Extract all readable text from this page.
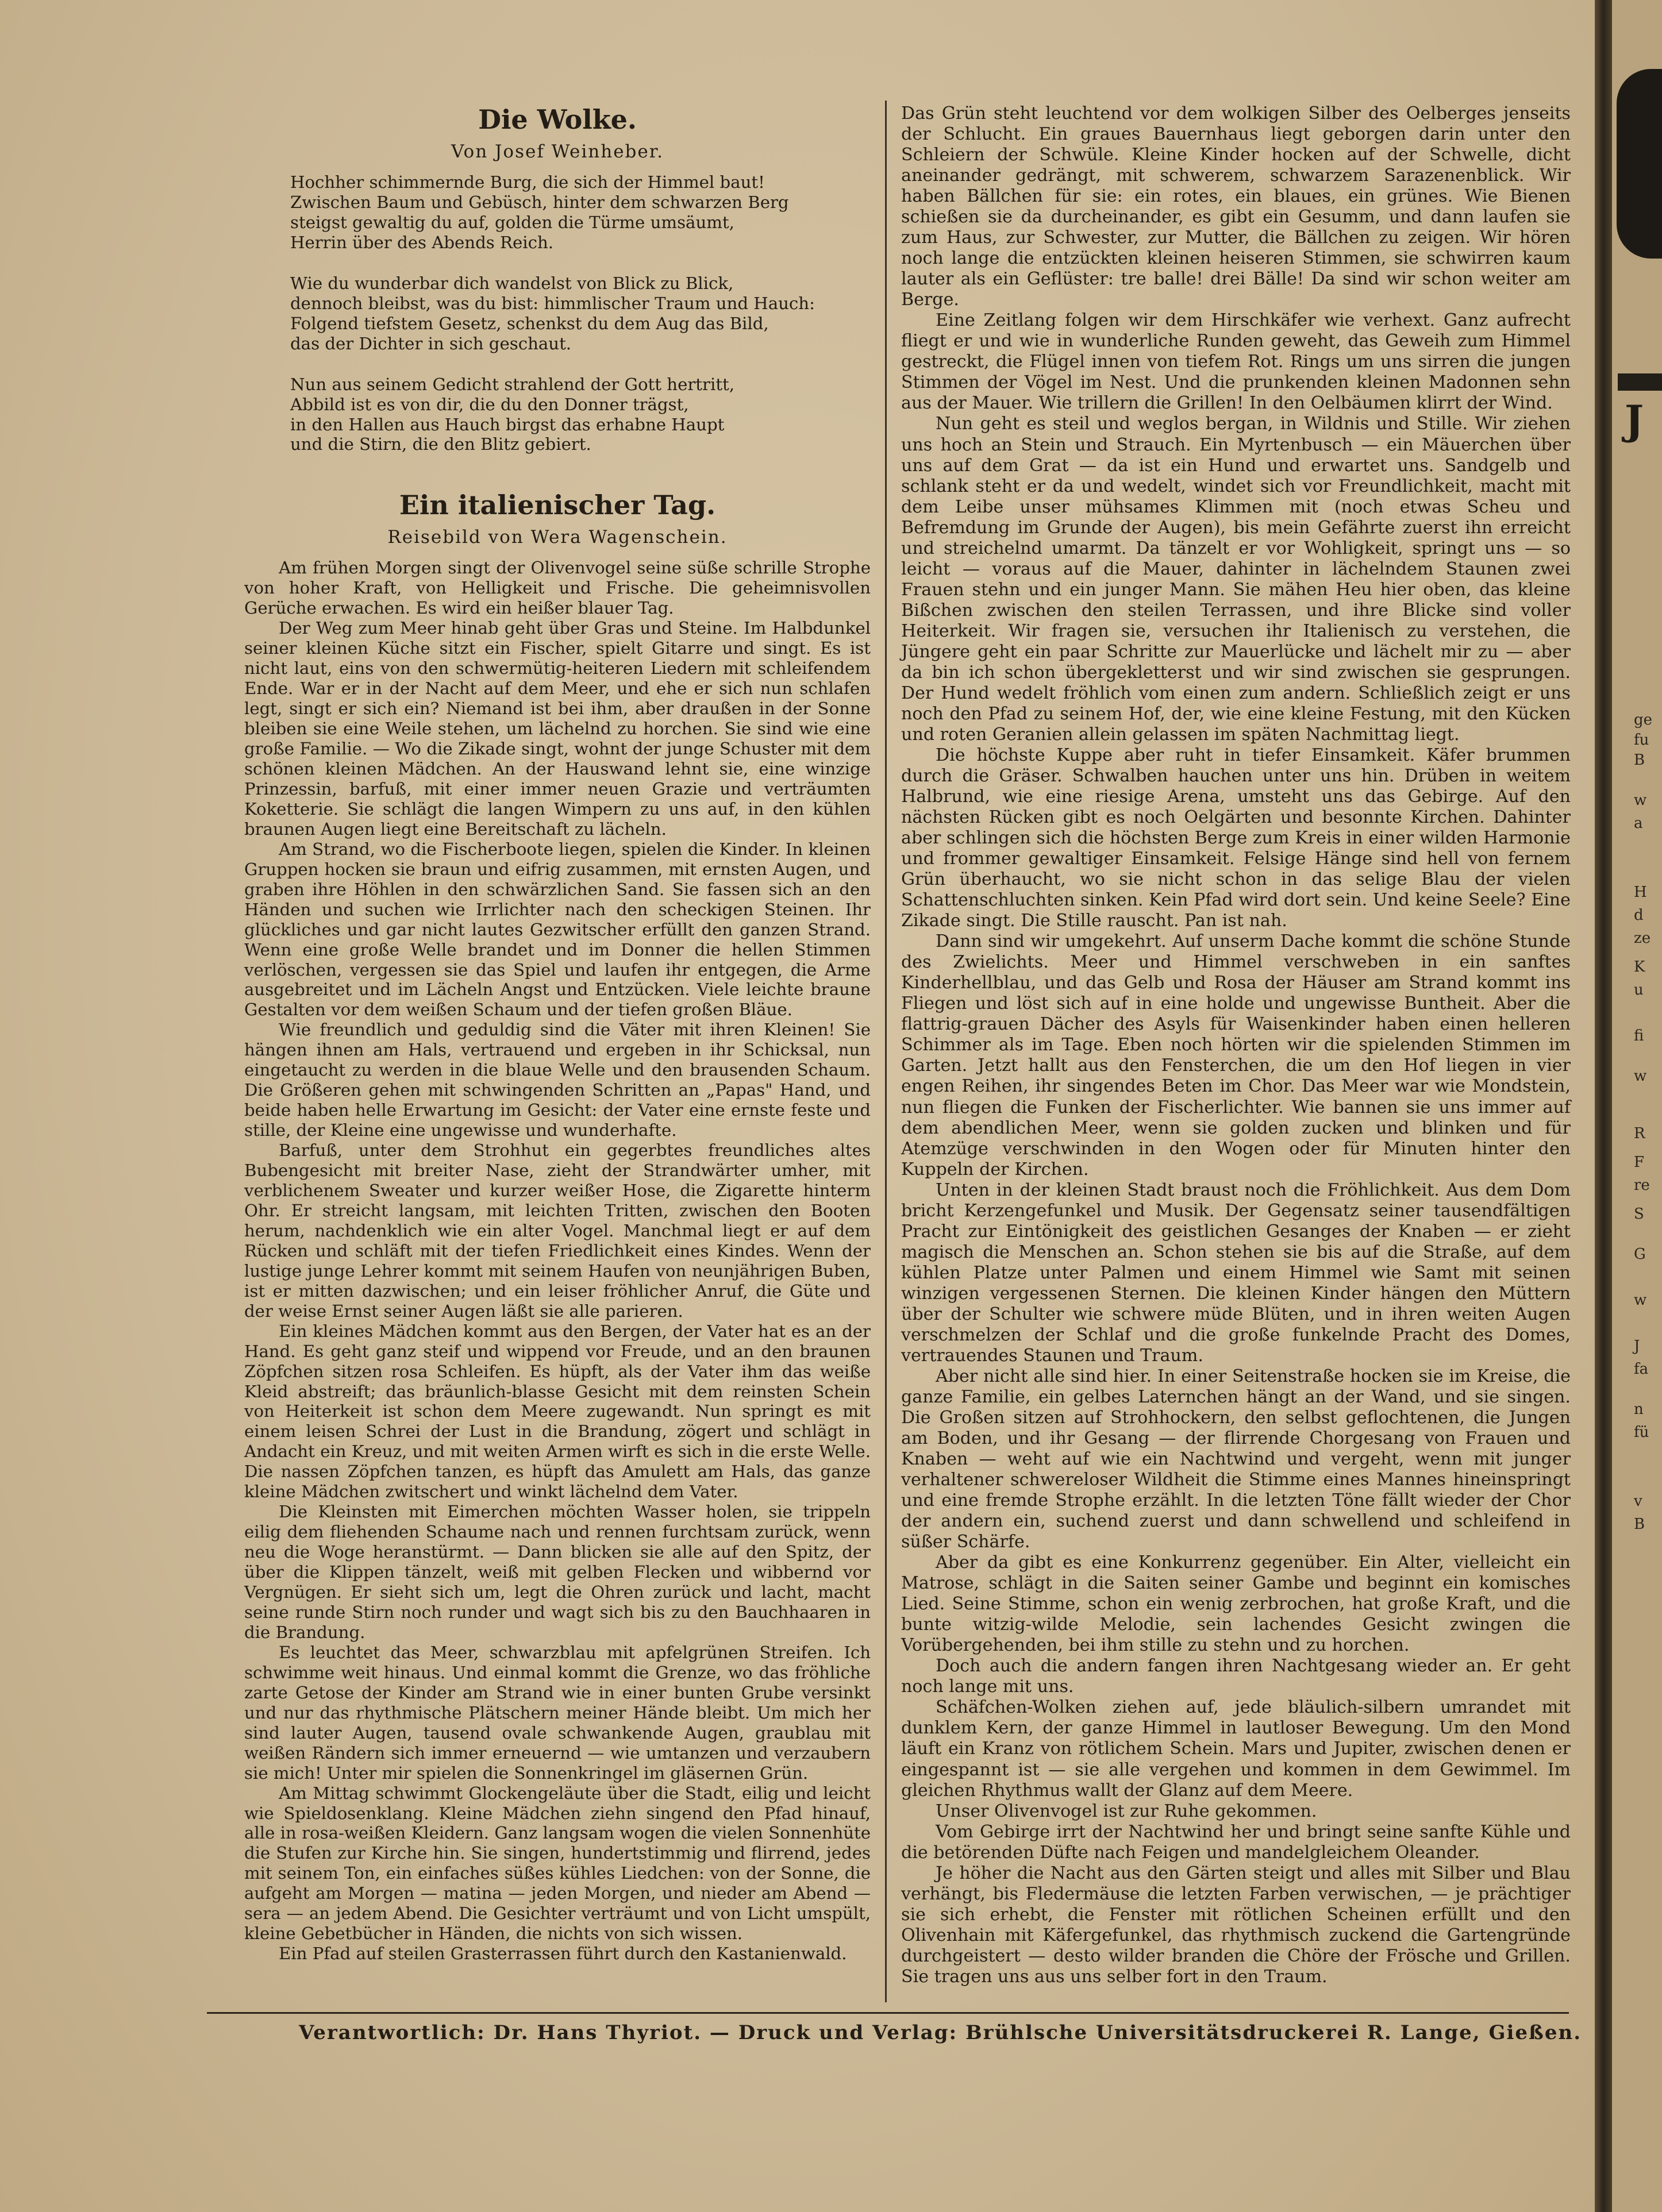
Die Wolke.
Von Josef Weinheber.
Hochher schimmernde Burg, die sich der Himmel baut!
Zwischen Baum und Gebüsch, hinter dem schwarzen Berg
steigst gewaltig du auf, golden die Türme umsäumt,
Herrin über des Abends Reich.
Wie du wunderbar dich wandelst von Blick zu Blick,
dennoch bleibst, was du bist: himmlischer Traum und Hauch:
Folgend tiefstem Gesetz, schenkst du dem Aug das Bild,
das der Dichter in sich geschaut.
Nun aus seinem Gedicht strahlend der Gott hertritt,
Abbild ist es von dir, die du den Donner trägst,
in den Hallen aus Hauch birgst das erhabne Haupt
und die Stirn, die den Blitz gebiert.
Ein italienischer Tag.
Reisebild von Wera Wagenschein.

Am frühen Morgen singt der Olivenvogel seine süße schrille Strophe von hoher Kraft, von Helligkeit und Frische. Die geheimnisvollen Gerüche erwachen. Es wird ein heißer blauer Tag.

Der Weg zum Meer hinab geht über Gras und Steine. Im Halbdunkel seiner kleinen Küche sitzt ein Fischer, spielt Gitarre und singt. Es ist nicht laut, eins von den schwermütig-heiteren Liedern mit schleifendem Ende. War er in der Nacht auf dem Meer, und ehe er sich nun schlafen legt, singt er sich ein? Niemand ist bei ihm, aber draußen in der Sonne bleiben sie eine Weile stehen, um lächelnd zu horchen. Sie sind wie eine große Familie. — Wo die Zikade singt, wohnt der junge Schuster mit dem schönen kleinen Mädchen. An der Hauswand lehnt sie, eine winzige Prinzessin, barfuß, mit einer immer neuen Grazie und verträumten Koketterie. Sie schlägt die langen Wimpern zu uns auf, in den kühlen braunen Augen liegt eine Bereitschaft zu lächeln.

Am Strand, wo die Fischerboote liegen, spielen die Kinder. In kleinen Gruppen hocken sie braun und eifrig zusammen, mit ernsten Augen, und graben ihre Höhlen in den schwärzlichen Sand. Sie fassen sich an den Händen und suchen wie Irrlichter nach den scheckigen Steinen. Ihr glückliches und gar nicht lautes Gezwitscher erfüllt den ganzen Strand. Wenn eine große Welle brandet und im Donner die hellen Stimmen verlöschen, vergessen sie das Spiel und laufen ihr entgegen, die Arme ausgebreitet und im Lächeln Angst und Entzücken. Viele leichte braune Gestalten vor dem weißen Schaum und der tiefen großen Bläue.

Wie freundlich und geduldig sind die Väter mit ihren Kleinen! Sie hängen ihnen am Hals, vertrauend und ergeben in ihr Schicksal, nun eingetaucht zu werden in die blaue Welle und den brausenden Schaum. Die Größeren gehen mit schwingenden Schritten an „Papas" Hand, und beide haben helle Erwartung im Gesicht: der Vater eine ernste feste und stille, der Kleine eine ungewisse und wunderhafte.

Barfuß, unter dem Strohhut ein gegerbtes freundliches altes Bubengesicht mit breiter Nase, zieht der Strandwärter umher, mit verblichenem Sweater und kurzer weißer Hose, die Zigarette hinterm Ohr. Er streicht langsam, mit leichten Tritten, zwischen den Booten herum, nachdenklich wie ein alter Vogel. Manchmal liegt er auf dem Rücken und schläft mit der tiefen Friedlichkeit eines Kindes. Wenn der lustige junge Lehrer kommt mit seinem Haufen von neunjährigen Buben, ist er mitten dazwischen; und ein leiser fröhlicher Anruf, die Güte und der weise Ernst seiner Augen läßt sie alle parieren.

Ein kleines Mädchen kommt aus den Bergen, der Vater hat es an der Hand. Es geht ganz steif und wippend vor Freude, und an den braunen Zöpfchen sitzen rosa Schleifen. Es hüpft, als der Vater ihm das weiße Kleid abstreift; das bräunlich-blasse Gesicht mit dem reinsten Schein von Heiterkeit ist schon dem Meere zugewandt. Nun springt es mit einem leisen Schrei der Lust in die Brandung, zögert und schlägt in Andacht ein Kreuz, und mit weiten Armen wirft es sich in die erste Welle. Die nassen Zöpfchen tanzen, es hüpft das Amulett am Hals, das ganze kleine Mädchen zwitschert und winkt lächelnd dem Vater.

Die Kleinsten mit Eimerchen möchten Wasser holen, sie trippeln eilig dem fliehenden Schaume nach und rennen furchtsam zurück, wenn neu die Woge heranstürmt. — Dann blicken sie alle auf den Spitz, der über die Klippen tänzelt, weiß mit gelben Flecken und wibbernd vor Vergnügen. Er sieht sich um, legt die Ohren zurück und lacht, macht seine runde Stirn noch runder und wagt sich bis zu den Bauchhaaren in die Brandung.

Es leuchtet das Meer, schwarzblau mit apfelgrünen Streifen. Ich schwimme weit hinaus. Und einmal kommt die Grenze, wo das fröhliche zarte Getose der Kinder am Strand wie in einer bunten Grube versinkt und nur das rhythmische Plätschern meiner Hände bleibt. Um mich her sind lauter Augen, tausend ovale schwankende Augen, graublau mit weißen Rändern sich immer erneuernd — wie umtanzen und verzaubern sie mich! Unter mir spielen die Sonnenkringel im gläsernen Grün.

Am Mittag schwimmt Glockengeläute über die Stadt, eilig und leicht wie Spieldosenklang. Kleine Mädchen ziehn singend den Pfad hinauf, alle in rosa-weißen Kleidern. Ganz langsam wogen die vielen Sonnenhüte die Stufen zur Kirche hin. Sie singen, hundertstimmig und flirrend, jedes mit seinem Ton, ein einfaches süßes kühles Liedchen: von der Sonne, die aufgeht am Morgen — matina — jeden Morgen, und nieder am Abend — sera — an jedem Abend. Die Gesichter verträumt und von Licht umspült, kleine Gebetbücher in Händen, die nichts von sich wissen.

Ein Pfad auf steilen Grasterrassen führt durch den Kastanienwald.

Das Grün steht leuchtend vor dem wolkigen Silber des Oelberges jenseits der Schlucht. Ein graues Bauernhaus liegt geborgen darin unter den Schleiern der Schwüle. Kleine Kinder hocken auf der Schwelle, dicht aneinander gedrängt, mit schwerem, schwarzem Sarazenenblick. Wir haben Bällchen für sie: ein rotes, ein blaues, ein grünes. Wie Bienen schießen sie da durcheinander, es gibt ein Gesumm, und dann laufen sie zum Haus, zur Schwester, zur Mutter, die Bällchen zu zeigen. Wir hören noch lange die entzückten kleinen heiseren Stimmen, sie schwirren kaum lauter als ein Geflüster: tre balle! drei Bälle! Da sind wir schon weiter am Berge.

Eine Zeitlang folgen wir dem Hirschkäfer wie verhext. Ganz aufrecht fliegt er und wie in wunderliche Runden geweht, das Geweih zum Himmel gestreckt, die Flügel innen von tiefem Rot. Rings um uns sirren die jungen Stimmen der Vögel im Nest. Und die prunkenden kleinen Madonnen sehn aus der Mauer. Wie trillern die Grillen! In den Oelbäumen klirrt der Wind.

Nun geht es steil und weglos bergan, in Wildnis und Stille. Wir ziehen uns hoch an Stein und Strauch. Ein Myrtenbusch — ein Mäuerchen über uns auf dem Grat — da ist ein Hund und erwartet uns. Sandgelb und schlank steht er da und wedelt, windet sich vor Freundlichkeit, macht mit dem Leibe unser mühsames Klimmen mit (noch etwas Scheu und Befremdung im Grunde der Augen), bis mein Gefährte zuerst ihn erreicht und streichelnd umarmt. Da tänzelt er vor Wohligkeit, springt uns — so leicht — voraus auf die Mauer, dahinter in lächelndem Staunen zwei Frauen stehn und ein junger Mann. Sie mähen Heu hier oben, das kleine Bißchen zwischen den steilen Terrassen, und ihre Blicke sind voller Heiterkeit. Wir fragen sie, versuchen ihr Italienisch zu verstehen, die Jüngere geht ein paar Schritte zur Mauerlücke und lächelt mir zu — aber da bin ich schon übergekletterst und wir sind zwischen sie gesprungen. Der Hund wedelt fröhlich vom einen zum andern. Schließlich zeigt er uns noch den Pfad zu seinem Hof, der, wie eine kleine Festung, mit den Kücken und roten Geranien allein gelassen im späten Nachmittag liegt.

Die höchste Kuppe aber ruht in tiefer Einsamkeit. Käfer brummen durch die Gräser. Schwalben hauchen unter uns hin. Drüben in weitem Halbrund, wie eine riesige Arena, umsteht uns das Gebirge. Auf den nächsten Rücken gibt es noch Oelgärten und besonnte Kirchen. Dahinter aber schlingen sich die höchsten Berge zum Kreis in einer wilden Harmonie und frommer gewaltiger Einsamkeit. Felsige Hänge sind hell von fernem Grün überhaucht, wo sie nicht schon in das selige Blau der vielen Schattenschluchten sinken. Kein Pfad wird dort sein. Und keine Seele? Eine Zikade singt. Die Stille rauscht. Pan ist nah.

Dann sind wir umgekehrt. Auf unserm Dache kommt die schöne Stunde des Zwielichts. Meer und Himmel verschweben in ein sanftes Kinderhellblau, und das Gelb und Rosa der Häuser am Strand kommt ins Fliegen und löst sich auf in eine holde und ungewisse Buntheit. Aber die flattrig-grauen Dächer des Asyls für Waisenkinder haben einen helleren Schimmer als im Tage. Eben noch hörten wir die spielenden Stimmen im Garten. Jetzt hallt aus den Fensterchen, die um den Hof liegen in vier engen Reihen, ihr singendes Beten im Chor. Das Meer war wie Mondstein, nun fliegen die Funken der Fischerlichter. Wie bannen sie uns immer auf dem abendlichen Meer, wenn sie golden zucken und blinken und für Atemzüge verschwinden in den Wogen oder für Minuten hinter den Kuppeln der Kirchen.

Unten in der kleinen Stadt braust noch die Fröhlichkeit. Aus dem Dom bricht Kerzengefunkel und Musik. Der Gegensatz seiner tausendfältigen Pracht zur Eintönigkeit des geistlichen Gesanges der Knaben — er zieht magisch die Menschen an. Schon stehen sie bis auf die Straße, auf dem kühlen Platze unter Palmen und einem Himmel wie Samt mit seinen winzigen vergessenen Sternen. Die kleinen Kinder hängen den Müttern über der Schulter wie schwere müde Blüten, und in ihren weiten Augen verschmelzen der Schlaf und die große funkelnde Pracht des Domes, vertrauendes Staunen und Traum.

Aber nicht alle sind hier. In einer Seitenstraße hocken sie im Kreise, die ganze Familie, ein gelbes Laternchen hängt an der Wand, und sie singen. Die Großen sitzen auf Strohhockern, den selbst geflochtenen, die Jungen am Boden, und ihr Gesang — der flirrende Chorgesang von Frauen und Knaben — weht auf wie ein Nachtwind und vergeht, wenn mit junger verhaltener schwereloser Wildheit die Stimme eines Mannes hineinspringt und eine fremde Strophe erzählt. In die letzten Töne fällt wieder der Chor der andern ein, suchend zuerst und dann schwellend und schleifend in süßer Schärfe.

Aber da gibt es eine Konkurrenz gegenüber. Ein Alter, vielleicht ein Matrose, schlägt in die Saiten seiner Gambe und beginnt ein komisches Lied. Seine Stimme, schon ein wenig zerbrochen, hat große Kraft, und die bunte witzig-wilde Melodie, sein lachendes Gesicht zwingen die Vorübergehenden, bei ihm stille zu stehn und zu horchen.

Doch auch die andern fangen ihren Nachtgesang wieder an. Er geht noch lange mit uns.

Schäfchen-Wolken ziehen auf, jede bläulich-silbern umrandet mit dunklem Kern, der ganze Himmel in lautloser Bewegung. Um den Mond läuft ein Kranz von rötlichem Schein. Mars und Jupiter, zwischen denen er eingespannt ist — sie alle vergehen und kommen in dem Gewimmel. Im gleichen Rhythmus wallt der Glanz auf dem Meere.

Unser Olivenvogel ist zur Ruhe gekommen.

Vom Gebirge irrt der Nachtwind her und bringt seine sanfte Kühle und die betörenden Düfte nach Feigen und mandelgleichem Oleander.

Je höher die Nacht aus den Gärten steigt und alles mit Silber und Blau verhängt, bis Fledermäuse die letzten Farben verwischen, — je prächtiger sie sich erhebt, die Fenster mit rötlichen Scheinen erfüllt und den Olivenhain mit Käfergefunkel, das rhythmisch zuckend die Gartengründe durchgeistert — desto wilder branden die Chöre der Frösche und Grillen. Sie tragen uns aus uns selber fort in den Traum.

Verantwortlich: Dr. Hans Thyriot. — Druck und Verlag: Brühlsche Universitätsdruckerei R. Lange, Gießen.
J
ge
fu
B
w
a
H
d
ze
K
u
fi
w
R
F
re
S
G
w
J
fa
n
fü
v
B
